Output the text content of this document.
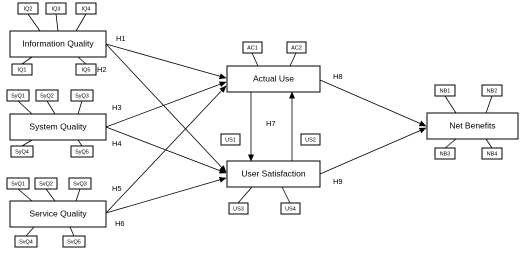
Information Quality
IQ2	IQ3	IQ4
IQ1	IQ5
System Quality
SyQ1	SyQ2	SyQ3
SyQ4	SyQ5
Service Quality
SvQ1	SvQ2	SvQ3
SvQ4	SvQ5
Actual Use
AC1	AC2
User Satisfaction
US1	US2
US3	US4
Net Benefits
NB1	NB2
NB3	NB4
H1
H2
H3
H4
H5
H6
H7
H8
H9
